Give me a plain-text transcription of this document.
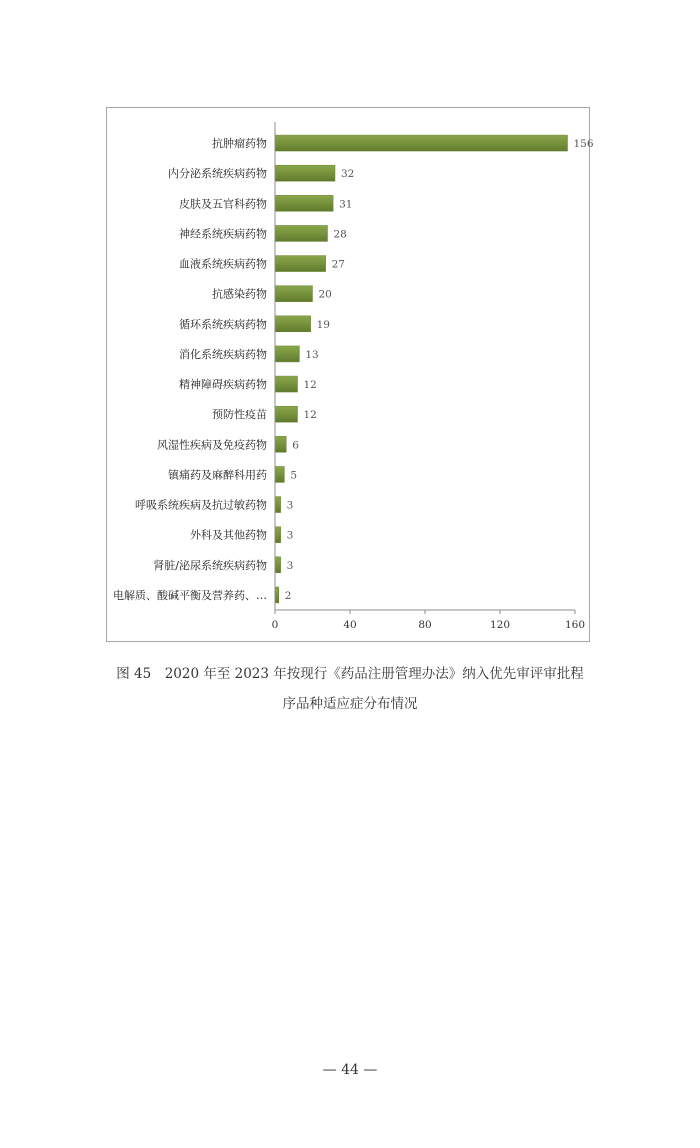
抗肿瘤药物	156
内分泌系统疾病药物	32
皮肤及五官科药物	31
神经系统疾病药物	28
血液系统疾病药物	27
抗感染药物	20
循环系统疾病药物	19
消化系统疾病药物	13
精神障碍疾病药物	12
预防性疫苗	12
风湿性疾病及免疫药物 6
镇痛药及麻醉科用药 5
呼吸系统疾病及抗过敏药物 3
外科及其他药物 3
肾脏/泌尿系统疾病药物 3
电解质、酸碱平衡及营养药、… 2
0	40	80	120	160
图 45　2020 年至 2023 年按现行《药品注册管理办法》纳入优先审评审批程
序品种适应症分布情况
— 44 —
